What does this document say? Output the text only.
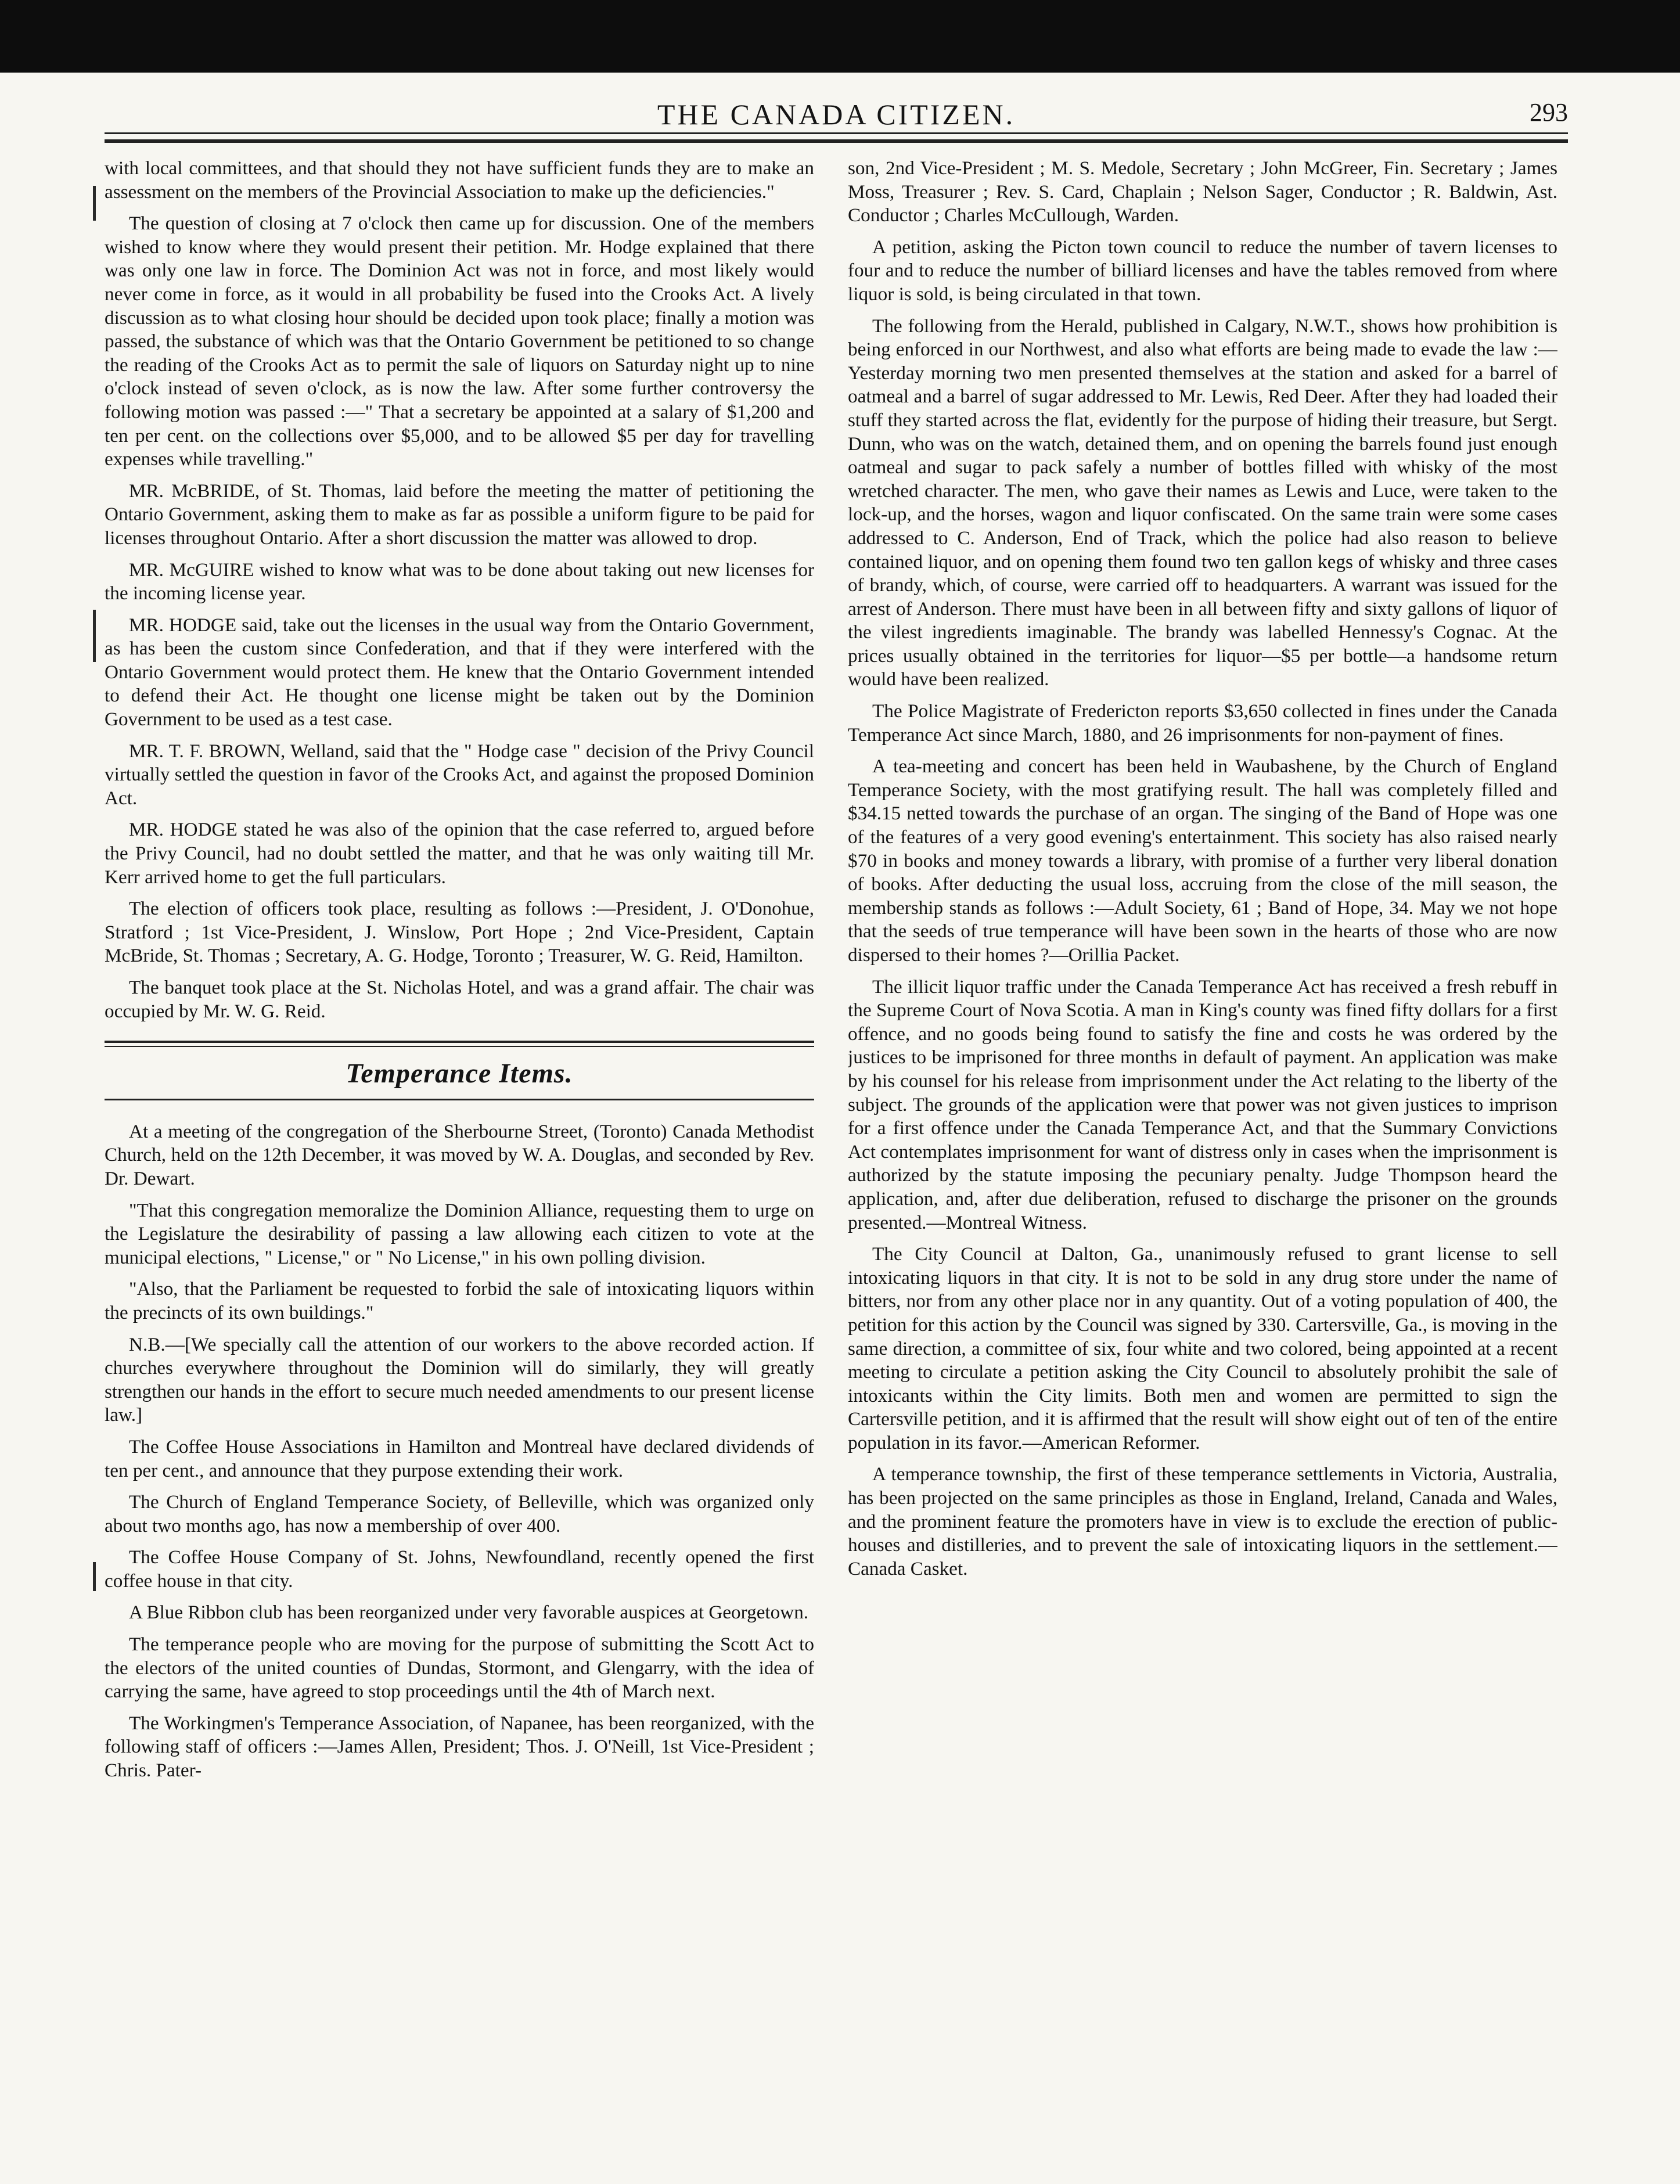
THE CANADA CITIZEN.	293

with local committees, and that should they not have sufficient funds they are to make an assessment on the members of the Provincial Association to make up the deficiencies."

The question of closing at 7 o'clock then came up for discussion. One of the members wished to know where they would present their petition. Mr. Hodge explained that there was only one law in force. The Dominion Act was not in force, and most likely would never come in force, as it would in all probability be fused into the Crooks Act. A lively discussion as to what closing hour should be decided upon took place; finally a motion was passed, the substance of which was that the Ontario Government be petitioned to so change the reading of the Crooks Act as to permit the sale of liquors on Saturday night up to nine o'clock instead of seven o'clock, as is now the law. After some further controversy the following motion was passed :—" That a secretary be appointed at a salary of $1,200 and ten per cent. on the collections over $5,000, and to be allowed $5 per day for travelling expenses while travelling."

MR. McBRIDE, of St. Thomas, laid before the meeting the matter of petitioning the Ontario Government, asking them to make as far as possible a uniform figure to be paid for licenses throughout Ontario. After a short discussion the matter was allowed to drop.

MR. McGUIRE wished to know what was to be done about taking out new licenses for the incoming license year.

MR. HODGE said, take out the licenses in the usual way from the Ontario Government, as has been the custom since Confederation, and that if they were interfered with the Ontario Government would protect them. He knew that the Ontario Government intended to defend their Act. He thought one license might be taken out by the Dominion Government to be used as a test case.

MR. T. F. BROWN, Welland, said that the " Hodge case " decision of the Privy Council virtually settled the question in favor of the Crooks Act, and against the proposed Dominion Act.

MR. HODGE stated he was also of the opinion that the case referred to, argued before the Privy Council, had no doubt settled the matter, and that he was only waiting till Mr. Kerr arrived home to get the full particulars.

The election of officers took place, resulting as follows :—President, J. O'Donohue, Stratford ; 1st Vice-President, J. Winslow, Port Hope ; 2nd Vice-President, Captain McBride, St. Thomas ; Secretary, A. G. Hodge, Toronto ; Treasurer, W. G. Reid, Hamilton.

The banquet took place at the St. Nicholas Hotel, and was a grand affair. The chair was occupied by Mr. W. G. Reid.

Temperance Items.

At a meeting of the congregation of the Sherbourne Street, (Toronto) Canada Methodist Church, held on the 12th December, it was moved by W. A. Douglas, and seconded by Rev. Dr. Dewart.

"That this congregation memoralize the Dominion Alliance, requesting them to urge on the Legislature the desirability of passing a law allowing each citizen to vote at the municipal elections, " License," or " No License," in his own polling division.

"Also, that the Parliament be requested to forbid the sale of intoxicating liquors within the precincts of its own buildings."

N.B.—[We specially call the attention of our workers to the above recorded action. If churches everywhere throughout the Dominion will do similarly, they will greatly strengthen our hands in the effort to secure much needed amendments to our present license law.]

The Coffee House Associations in Hamilton and Montreal have declared dividends of ten per cent., and announce that they purpose extending their work.

The Church of England Temperance Society, of Belleville, which was organized only about two months ago, has now a membership of over 400.

The Coffee House Company of St. Johns, Newfoundland, recently opened the first coffee house in that city.

A Blue Ribbon club has been reorganized under very favorable auspices at Georgetown.

The temperance people who are moving for the purpose of submitting the Scott Act to the electors of the united counties of Dundas, Stormont, and Glengarry, with the idea of carrying the same, have agreed to stop proceedings until the 4th of March next.

The Workingmen's Temperance Association, of Napanee, has been reorganized, with the following staff of officers :—James Allen, President; Thos. J. O'Neill, 1st Vice-President ; Chris. Pater-

son, 2nd Vice-President ; M. S. Medole, Secretary ; John McGreer, Fin. Secretary ; James Moss, Treasurer ; Rev. S. Card, Chaplain ; Nelson Sager, Conductor ; R. Baldwin, Ast. Conductor ; Charles McCullough, Warden.

A petition, asking the Picton town council to reduce the number of tavern licenses to four and to reduce the number of billiard licenses and have the tables removed from where liquor is sold, is being circulated in that town.

The following from the Herald, published in Calgary, N.W.T., shows how prohibition is being enforced in our Northwest, and also what efforts are being made to evade the law :—Yesterday morning two men presented themselves at the station and asked for a barrel of oatmeal and a barrel of sugar addressed to Mr. Lewis, Red Deer. After they had loaded their stuff they started across the flat, evidently for the purpose of hiding their treasure, but Sergt. Dunn, who was on the watch, detained them, and on opening the barrels found just enough oatmeal and sugar to pack safely a number of bottles filled with whisky of the most wretched character. The men, who gave their names as Lewis and Luce, were taken to the lock-up, and the horses, wagon and liquor confiscated. On the same train were some cases addressed to C. Anderson, End of Track, which the police had also reason to believe contained liquor, and on opening them found two ten gallon kegs of whisky and three cases of brandy, which, of course, were carried off to headquarters. A warrant was issued for the arrest of Anderson. There must have been in all between fifty and sixty gallons of liquor of the vilest ingredients imaginable. The brandy was labelled Hennessy's Cognac. At the prices usually obtained in the territories for liquor—$5 per bottle—a handsome return would have been realized.

The Police Magistrate of Fredericton reports $3,650 collected in fines under the Canada Temperance Act since March, 1880, and 26 imprisonments for non-payment of fines.

A tea-meeting and concert has been held in Waubashene, by the Church of England Temperance Society, with the most gratifying result. The hall was completely filled and $34.15 netted towards the purchase of an organ. The singing of the Band of Hope was one of the features of a very good evening's entertainment. This society has also raised nearly $70 in books and money towards a library, with promise of a further very liberal donation of books. After deducting the usual loss, accruing from the close of the mill season, the membership stands as follows :—Adult Society, 61 ; Band of Hope, 34. May we not hope that the seeds of true temperance will have been sown in the hearts of those who are now dispersed to their homes ?—Orillia Packet.

The illicit liquor traffic under the Canada Temperance Act has received a fresh rebuff in the Supreme Court of Nova Scotia. A man in King's county was fined fifty dollars for a first offence, and no goods being found to satisfy the fine and costs he was ordered by the justices to be imprisoned for three months in default of payment. An application was make by his counsel for his release from imprisonment under the Act relating to the liberty of the subject. The grounds of the application were that power was not given justices to imprison for a first offence under the Canada Temperance Act, and that the Summary Convictions Act contemplates imprisonment for want of distress only in cases when the imprisonment is authorized by the statute imposing the pecuniary penalty. Judge Thompson heard the application, and, after due deliberation, refused to discharge the prisoner on the grounds presented.—Montreal Witness.

The City Council at Dalton, Ga., unanimously refused to grant license to sell intoxicating liquors in that city. It is not to be sold in any drug store under the name of bitters, nor from any other place nor in any quantity. Out of a voting population of 400, the petition for this action by the Council was signed by 330. Cartersville, Ga., is moving in the same direction, a committee of six, four white and two colored, being appointed at a recent meeting to circulate a petition asking the City Council to absolutely prohibit the sale of intoxicants within the City limits. Both men and women are permitted to sign the Cartersville petition, and it is affirmed that the result will show eight out of ten of the entire population in its favor.—American Reformer.

A temperance township, the first of these temperance settlements in Victoria, Australia, has been projected on the same principles as those in England, Ireland, Canada and Wales, and the prominent feature the promoters have in view is to exclude the erection of public-houses and distilleries, and to prevent the sale of intoxicating liquors in the settlement.—Canada Casket.
